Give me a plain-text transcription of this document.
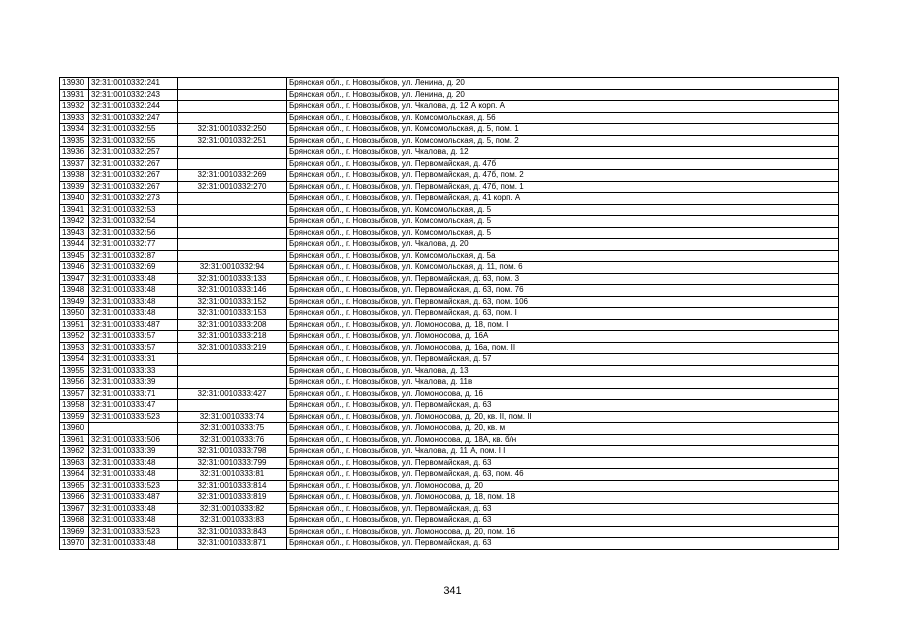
13930	32:31:0010332:241		Брянская обл., г. Новозыбков, ул. Ленина, д. 20
13931	32:31:0010332:243		Брянская обл., г. Новозыбков, ул. Ленина, д. 20
13932	32:31:0010332:244		Брянская обл., г. Новозыбков, ул. Чкалова, д. 12 А корп. А
13933	32:31:0010332:247		Брянская обл., г. Новозыбков, ул. Комсомольская, д. 56
13934	32:31:0010332:55	32:31:0010332:250	Брянская обл., г. Новозыбков, ул. Комсомольская, д. 5, пом. 1
13935	32:31:0010332:55	32:31:0010332:251	Брянская обл., г. Новозыбков, ул. Комсомольская, д. 5, пом. 2
13936	32:31:0010332:257		Брянская обл., г. Новозыбков, ул. Чкалова, д. 12
13937	32:31:0010332:267		Брянская обл., г. Новозыбков, ул. Первомайская, д. 47б
13938	32:31:0010332:267	32:31:0010332:269	Брянская обл., г. Новозыбков, ул. Первомайская, д. 47б, пом. 2
13939	32:31:0010332:267	32:31:0010332:270	Брянская обл., г. Новозыбков, ул. Первомайская, д. 47б, пом. 1
13940	32:31:0010332:273		Брянская обл., г. Новозыбков, ул. Первомайская, д. 41 корп. А
13941	32:31:0010332:53		Брянская обл., г. Новозыбков, ул. Комсомольская, д. 5
13942	32:31:0010332:54		Брянская обл., г. Новозыбков, ул. Комсомольская, д. 5
13943	32:31:0010332:56		Брянская обл., г. Новозыбков, ул. Комсомольская, д. 5
13944	32:31:0010332:77		Брянская обл., г. Новозыбков, ул. Чкалова, д. 20
13945	32:31:0010332:87		Брянская обл., г. Новозыбков, ул. Комсомольская, д. 5а
13946	32:31:0010332:69	32:31:0010332:94	Брянская обл., г. Новозыбков, ул. Комсомольская, д. 11, пом. 6
13947	32:31:0010333:48	32:31:0010333:133	Брянская обл., г. Новозыбков, ул. Первомайская, д. 63, пом. 3
13948	32:31:0010333:48	32:31:0010333:146	Брянская обл., г. Новозыбков, ул. Первомайская, д. 63, пом. 76
13949	32:31:0010333:48	32:31:0010333:152	Брянская обл., г. Новозыбков, ул. Первомайская, д. 63, пом. 106
13950	32:31:0010333:48	32:31:0010333:153	Брянская обл., г. Новозыбков, ул. Первомайская, д. 63, пом. I
13951	32:31:0010333:487	32:31:0010333:208	Брянская обл., г. Новозыбков, ул. Ломоносова, д. 18, пом. I
13952	32:31:0010333:57	32:31:0010333:218	Брянская обл., г. Новозыбков, ул. Ломоносова, д. 16А
13953	32:31:0010333:57	32:31:0010333:219	Брянская обл., г. Новозыбков, ул. Ломоносова, д. 16а, пом. II
13954	32:31:0010333:31		Брянская обл., г. Новозыбков, ул. Первомайская, д. 57
13955	32:31:0010333:33		Брянская обл., г. Новозыбков, ул. Чкалова, д. 13
13956	32:31:0010333:39		Брянская обл., г. Новозыбков, ул. Чкалова, д. 11в
13957	32:31:0010333:71	32:31:0010333:427	Брянская обл., г. Новозыбков, ул. Ломоносова, д. 16
13958	32:31:0010333:47		Брянская обл., г. Новозыбков, ул. Первомайская, д. 63
13959	32:31:0010333:523	32:31:0010333:74	Брянская обл., г. Новозыбков, ул. Ломоносова, д. 20, кв. II, пом. II
13960		32:31:0010333:75	Брянская обл., г. Новозыбков, ул. Ломоносова, д. 20, кв. м
13961	32:31:0010333:506	32:31:0010333:76	Брянская обл., г. Новозыбков, ул. Ломоносова, д. 18А, кв. б/н
13962	32:31:0010333:39	32:31:0010333:798	Брянская обл., г. Новозыбков, ул. Чкалова, д. 11 А, пом. I I
13963	32:31:0010333:48	32:31:0010333:799	Брянская обл., г. Новозыбков, ул. Первомайская, д. 63
13964	32:31:0010333:48	32:31:0010333:81	Брянская обл., г. Новозыбков, ул. Первомайская, д. 63, пом. 46
13965	32:31:0010333:523	32:31:0010333:814	Брянская обл., г. Новозыбков, ул. Ломоносова, д. 20
13966	32:31:0010333:487	32:31:0010333:819	Брянская обл., г. Новозыбков, ул. Ломоносова, д. 18, пом. 18
13967	32:31:0010333:48	32:31:0010333:82	Брянская обл., г. Новозыбков, ул. Первомайская, д. 63
13968	32:31:0010333:48	32:31:0010333:83	Брянская обл., г. Новозыбков, ул. Первомайская, д. 63
13969	32:31:0010333:523	32:31:0010333:843	Брянская обл., г. Новозыбков, ул. Ломоносова, д. 20, пом. 16
13970	32:31:0010333:48	32:31:0010333:871	Брянская обл., г. Новозыбков, ул. Первомайская, д. 63
341
